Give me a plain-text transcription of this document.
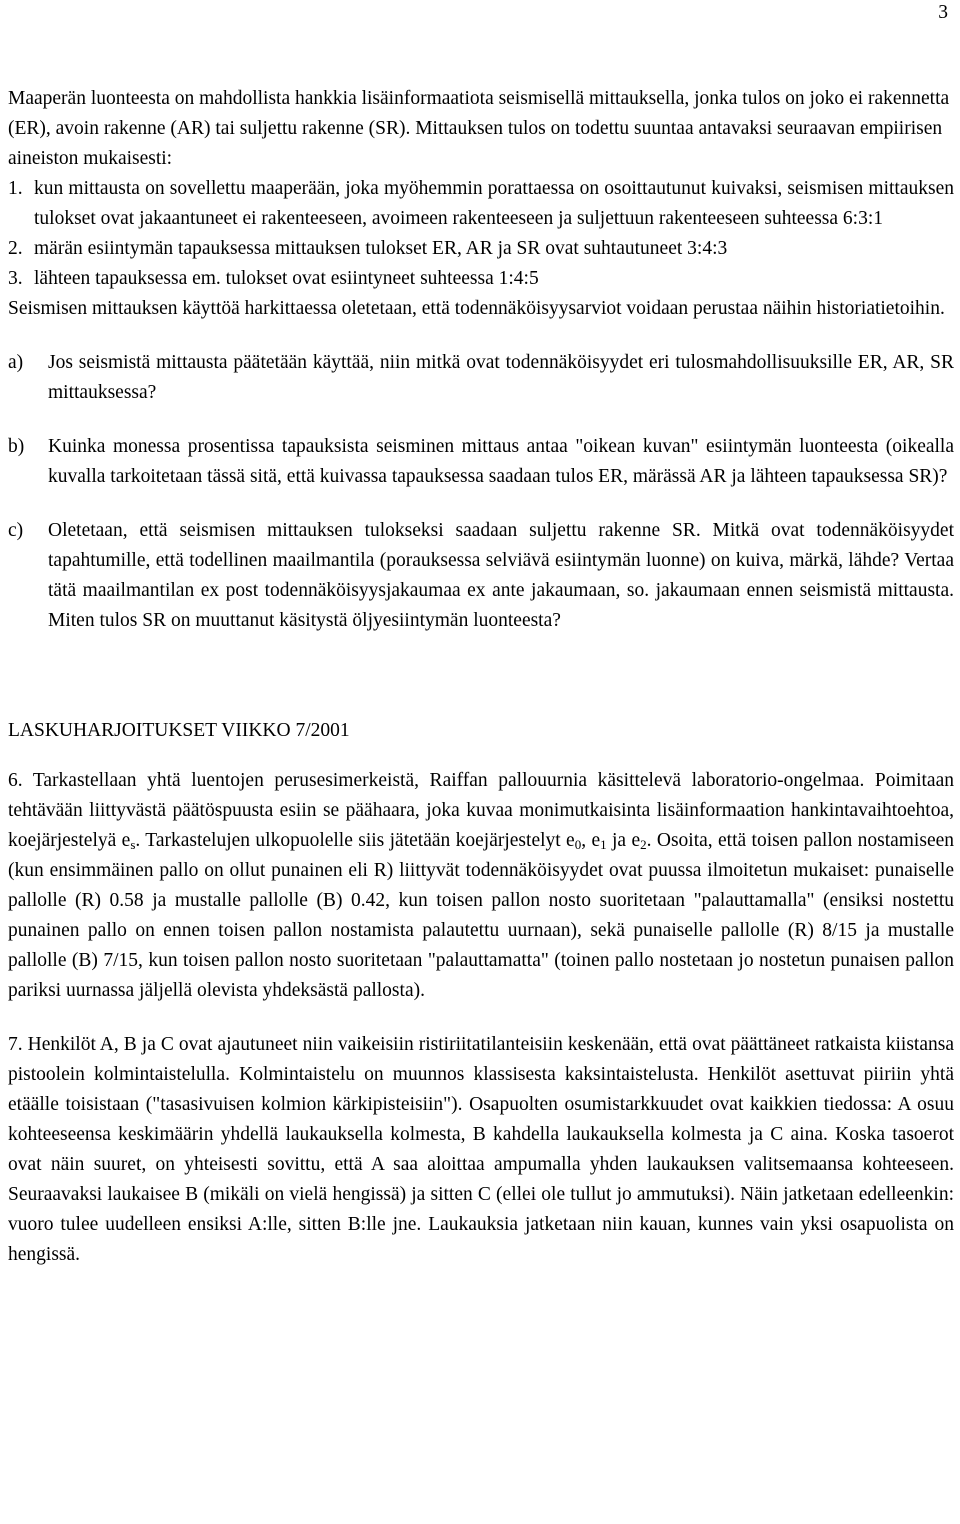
3

Maaperän luonteesta on mahdollista hankkia lisäinformaatiota seismisellä mittauksella, jonka tulos on joko ei rakennetta (ER), avoin rakenne (AR) tai suljettu rakenne (SR). Mittauksen tulos on todettu suuntaa antavaksi seuraavan empiirisen aineiston mukaisesti:

1. kun mittausta on sovellettu maaperään, joka myöhemmin porattaessa on osoittautunut kuivaksi, seismisen mittauksen tulokset ovat jakaantuneet ei rakenteeseen, avoimeen rakenteeseen ja suljettuun rakenteeseen suhteessa 6:3:1
2. märän esiintymän tapauksessa mittauksen tulokset ER, AR ja SR ovat suhtautuneet 3:4:3
3. lähteen tapauksessa em. tulokset ovat esiintyneet suhteessa 1:4:5

Seismisen mittauksen käyttöä harkittaessa oletetaan, että todennäköisyysarviot voidaan perustaa näihin historiatietoihin.

a)	Jos seismistä mittausta päätetään käyttää, niin mitkä ovat todennäköisyydet eri tulosmahdollisuuksille ER, AR, SR mittauksessa?
b)	Kuinka monessa prosentissa tapauksista seisminen mittaus antaa "oikean kuvan" esiintymän luonteesta (oikealla kuvalla tarkoitetaan tässä sitä, että kuivassa tapauksessa saadaan tulos ER, märässä AR ja lähteen tapauksessa SR)?
c)	Oletetaan, että seismisen mittauksen tulokseksi saadaan suljettu rakenne SR. Mitkä ovat todennäköisyydet tapahtumille, että todellinen maailmantila (porauksessa selviävä esiintymän luonne) on kuiva, märkä, lähde? Vertaa tätä maailmantilan ex post todennäköisyysjakaumaa ex ante jakaumaan, so. jakaumaan ennen seismistä mittausta. Miten tulos SR on muuttanut käsitystä öljyesiintymän luonteesta?
LASKUHARJOITUKSET VIIKKO 7/2001

6. Tarkastellaan yhtä luentojen perusesimerkeistä, Raiffan pallouurnia käsittelevä laboratorio-ongelmaa. Poimitaan tehtävään liittyvästä päätöspuusta esiin se päähaara, joka kuvaa monimutkaisinta lisäinformaation hankintavaihtoehtoa, koejärjestelyä $e_s$. Tarkastelujen ulkopuolelle siis jätetään koejärjestelyt $e_0$, $e_1$ ja $e_2$. Osoita, että toisen pallon nostamiseen (kun ensimmäinen pallo on ollut punainen eli R) liittyvät todennäköisyydet ovat puussa ilmoitetun mukaiset: punaiselle pallolle (R) 0.58 ja mustalle pallolle (B) 0.42, kun toisen pallon nosto suoritetaan "palauttamalla" (ensiksi nostettu punainen pallo on ennen toisen pallon nostamista palautettu uurnaan), sekä punaiselle pallolle (R) 8/15 ja mustalle pallolle (B) 7/15, kun toisen pallon nosto suoritetaan "palauttamatta" (toinen pallo nostetaan jo nostetun punaisen pallon pariksi uurnassa jäljellä olevista yhdeksästä pallosta).

7. Henkilöt A, B ja C ovat ajautuneet niin vaikeisiin ristiriitatilanteisiin keskenään, että ovat päättäneet ratkaista kiistansa pistoolein kolmintaistelulla. Kolmintaistelu on muunnos klassisesta kaksintaistelusta. Henkilöt asettuvat piiriin yhtä etäälle toisistaan ("tasasivuisen kolmion kärkipisteisiin"). Osapuolten osumistarkkuudet ovat kaikkien tiedossa: A osuu kohteeseensa keskimäärin yhdellä laukauksella kolmesta, B kahdella laukauksella kolmesta ja C aina. Koska tasoerot ovat näin suuret, on yhteisesti sovittu, että A saa aloittaa ampumalla yhden laukauksen valitsemaansa kohteeseen. Seuraavaksi laukaisee B (mikäli on vielä hengissä) ja sitten C (ellei ole tullut jo ammutuksi). Näin jatketaan edelleenkin: vuoro tulee uudelleen ensiksi A:lle, sitten B:lle jne. Laukauksia jatketaan niin kauan, kunnes vain yksi osapuolista on hengissä.
